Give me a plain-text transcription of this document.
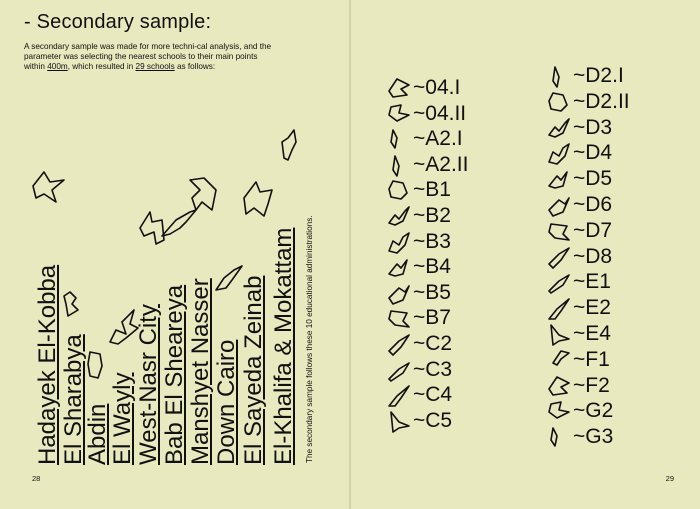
- Secondary sample:

A secondary sample was made for more techni-cal analysis, and the parameter was selecting the nearest schools to their main points within 400m, which resulted in 29 schools as follows:

Hadayek El-Kobba El Sharabya
Abdin
El Wayly West-Nasr City Bab El Sheareya Manshyet Nasser Down Cairo El Sayeda Zeinab El-Khalifa & Mokattam The secondary sample follows these 10 educational administrations.
28
~04.I
~04.II
~A2.I
~A2.II
~B1
~B2
~B3
~B4
~B5
~B7
~C2
~C3
~C4
~C5
~D2.I
~D2.II
~D3
~D4
~D5
~D6
~D7
~D8
~E1
~E2
~E4
~F1
~F2
~G2
~G3
29
